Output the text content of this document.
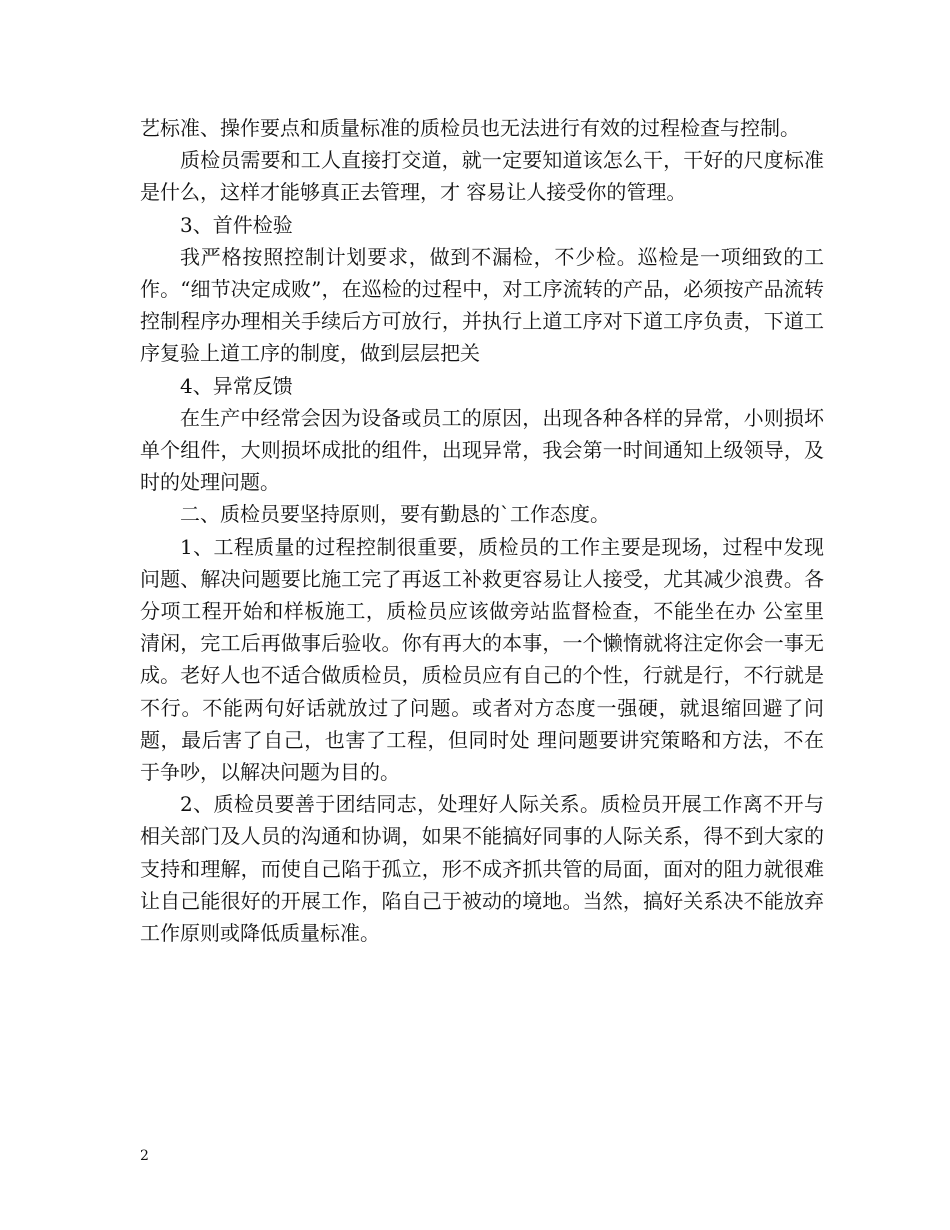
艺标准、操作要点和质量标准的质检员也无法进行有效的过程检查与控制。

质检员需要和工人直接打交道，就一定要知道该怎么干，干好的尺度标准是什么，这样才能够真正去管理，才 容易让人接受你的管理。

3、首件检验

我严格按照控制计划要求，做到不漏检，不少检。巡检是一项细致的工作。“细节决定成败”，在巡检的过程中，对工序流转的产品，必须按产品流转控制程序办理相关手续后方可放行，并执行上道工序对下道工序负责，下道工序复验上道工序的制度，做到层层把关

4、异常反馈

在生产中经常会因为设备或员工的原因，出现各种各样的异常，小则损坏单个组件，大则损坏成批的组件，出现异常，我会第一时间通知上级领导，及时的处理问题。

二、质检员要坚持原则，要有勤恳的`工作态度。

1、工程质量的过程控制很重要，质检员的工作主要是现场，过程中发现问题、解决问题要比施工完了再返工补救更容易让人接受，尤其减少浪费。各分项工程开始和样板施工，质检员应该做旁站监督检查，不能坐在办 公室里清闲，完工后再做事后验收。你有再大的本事，一个懒惰就将注定你会一事无成。老好人也不适合做质检员，质检员应有自己的个性，行就是行，不行就是不行。不能两句好话就放过了问题。或者对方态度一强硬，就退缩回避了问题，最后害了自己，也害了工程，但同时处 理问题要讲究策略和方法，不在于争吵，以解决问题为目的。

2、质检员要善于团结同志，处理好人际关系。质检员开展工作离不开与相关部门及人员的沟通和协调，如果不能搞好同事的人际关系，得不到大家的支持和理解，而使自己陷于孤立，形不成齐抓共管的局面，面对的阻力就很难让自己能很好的开展工作，陷自己于被动的境地。当然，搞好关系决不能放弃工作原则或降低质量标准。

2
